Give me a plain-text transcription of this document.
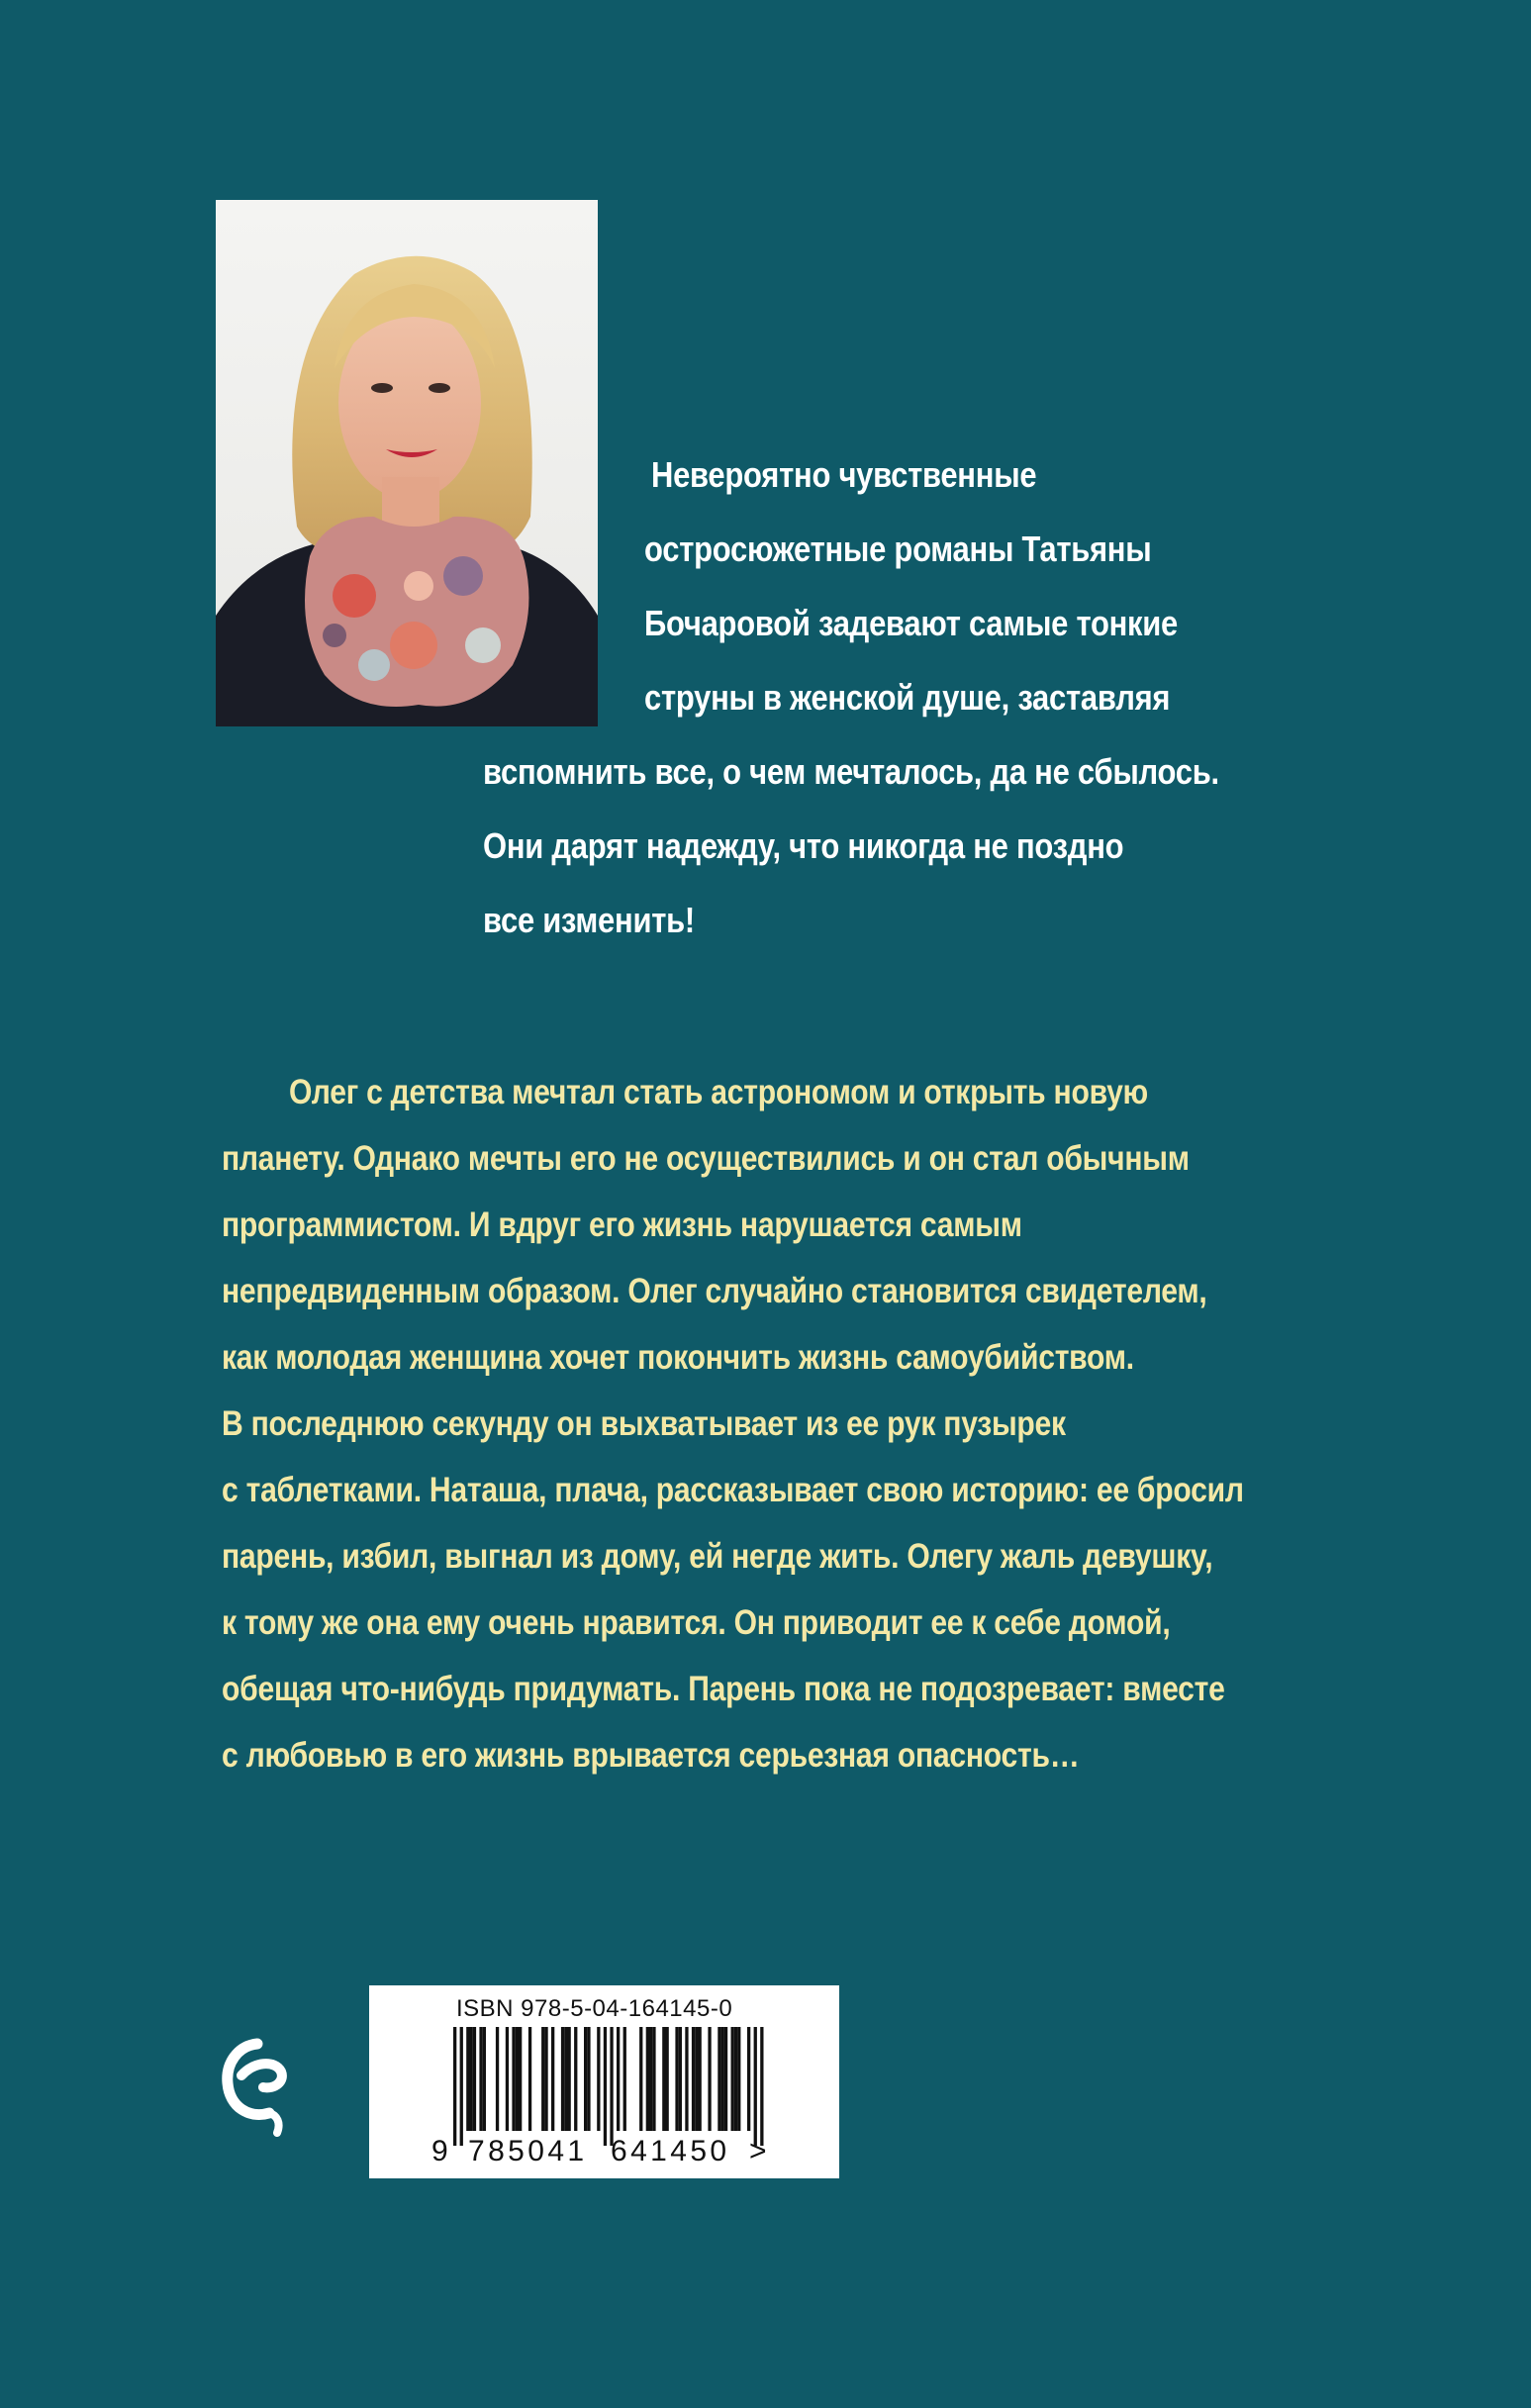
Невероятно чувственные
остросюжетные романы Татьяны
Бочаровой задевают самые тонкие
струны в женской душе, заставляя
вспомнить все, о чем мечталось, да не сбылось.
Они дарят надежду, что никогда не поздно
все изменить!
Олег с детства мечтал стать астрономом и открыть новую
планету. Однако мечты его не осуществились и он стал обычным
программистом. И вдруг его жизнь нарушается самым
непредвиденным образом. Олег случайно становится свидетелем,
как молодая женщина хочет покончить жизнь самоубийством.
В последнюю секунду он выхватывает из ее рук пузырек
с таблетками. Наташа, плача, рассказывает свою историю: ее бросил
парень, избил, выгнал из дому, ей негде жить. Олегу жаль девушку,
к тому же она ему очень нравится. Он приводит ее к себе домой,
обещая что-нибудь придумать. Парень пока не подозревает: вместе
с любовью в его жизнь врывается серьезная опасность…
ISBN 978-5-04-164145-0
9 785041 641450 >
